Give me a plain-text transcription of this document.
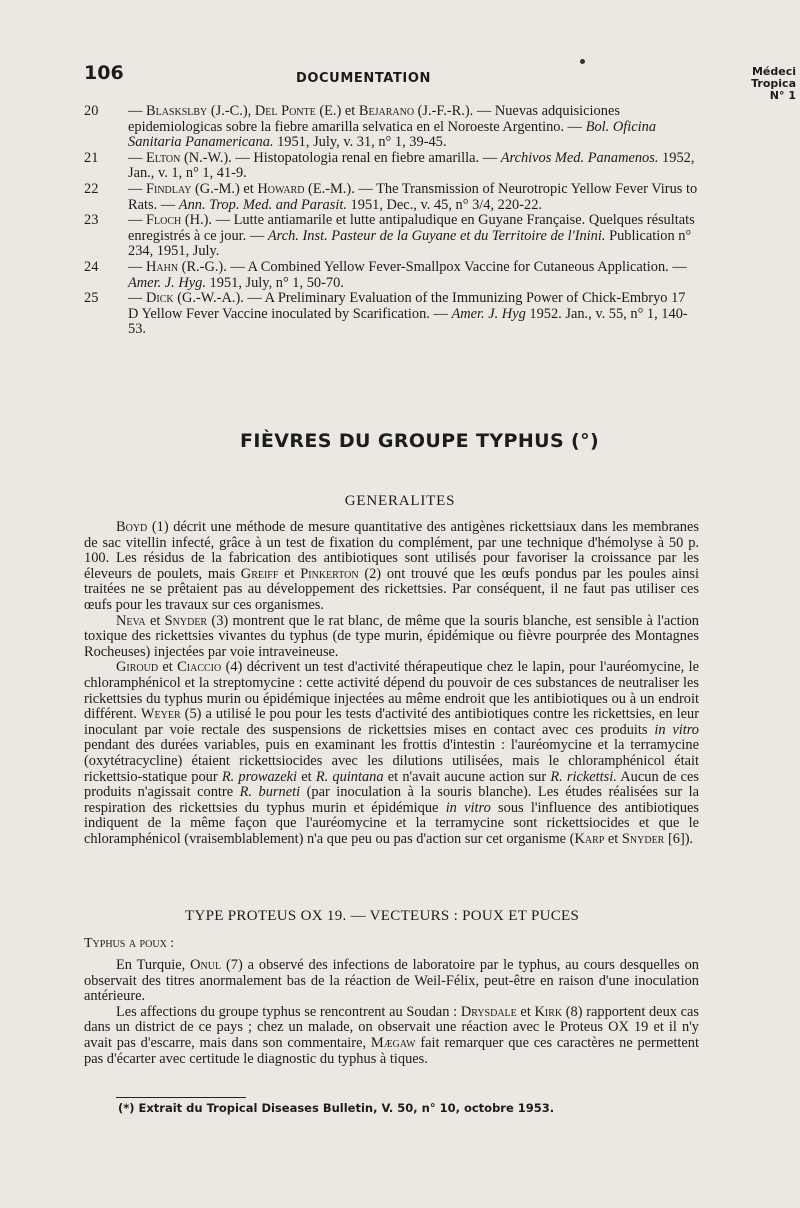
106	DOCUMENTATION	Médeci
Tropica
N° 1
20 — Blaskslby (J.-C.), Del Ponte (E.) et Bejarano (J.-F.-R.). — Nuevas adquisiciones epidemiologicas sobre la fiebre amarilla selvatica en el Noroeste Argentino. — Bol. Oficina Sanitaria Panamericana. 1951, July, v. 31, n° 1, 39-45.
21 — Elton (N.-W.). — Histopatologia renal en fiebre amarilla. — Archivos Med. Panamenos. 1952, Jan., v. 1, n° 1, 41-9.
22 — Findlay (G.-M.) et Howard (E.-M.). — The Transmission of Neurotropic Yellow Fever Virus to Rats. — Ann. Trop. Med. and Parasit. 1951, Dec., v. 45, n° 3/4, 220-22.
23 — Floch (H.). — Lutte antiamarile et lutte antipaludique en Guyane Française. Quelques résultats enregistrés à ce jour. — Arch. Inst. Pasteur de la Guyane et du Territoire de l'Inini. Publication n° 234, 1951, July.
24 — Hahn (R.-G.). — A Combined Yellow Fever-Smallpox Vaccine for Cutaneous Application. — Amer. J. Hyg. 1951, July, n° 1, 50-70.
25 — Dick (G.-W.-A.). — A Preliminary Evaluation of the Immunizing Power of Chick-Embryo 17 D Yellow Fever Vaccine inoculated by Scarification. — Amer. J. Hyg 1952. Jan., v. 55, n° 1, 140-53.
FIÈVRES DU GROUPE TYPHUS (°)
GENERALITES

Boyd (1) décrit une méthode de mesure quantitative des antigènes rickettsiaux dans les membranes de sac vitellin infecté, grâce à un test de fixation du complément, par une technique d'hémolyse à 50 p. 100. Les résidus de la fabrication des antibiotiques sont utilisés pour favoriser la croissance par les éleveurs de poulets, mais Greiff et Pinkerton (2) ont trouvé que les œufs pondus par les poules ainsi traitées ne se prêtaient pas au développement des rickettsies. Par conséquent, il ne faut pas utiliser ces œufs pour les travaux sur ces organismes.

Neva et Snyder (3) montrent que le rat blanc, de même que la souris blanche, est sensible à l'action toxique des rickettsies vivantes du typhus (de type murin, épidémique ou fièvre pourprée des Montagnes Rocheuses) injectées par voie intraveineuse.

Giroud et Ciaccio (4) décrivent un test d'activité thérapeutique chez le lapin, pour l'auréomycine, le chloramphénicol et la streptomycine : cette activité dépend du pouvoir de ces substances de neutraliser les rickettsies du typhus murin ou épidémique injectées au même endroit que les antibiotiques ou à un endroit différent. Weyer (5) a utilisé le pou pour les tests d'activité des antibiotiques contre les rickettsies, en leur inoculant par voie rectale des suspensions de rickettsies mises en contact avec ces produits in vitro pendant des durées variables, puis en examinant les frottis d'intestin : l'auréomycine et la terramycine (oxytétracycline) étaient rickettsiocides avec les dilutions utilisées, mais le chloramphénicol était rickettsio-statique pour R. prowazeki et R. quintana et n'avait aucune action sur R. rickettsi. Aucun de ces produits n'agissait contre R. burneti (par inoculation à la souris blanche). Les études réalisées sur la respiration des rickettsies du typhus murin et épidémique in vitro sous l'influence des antibiotiques indiquent de la même façon que l'auréomycine et la terramycine sont rickettsiocides et que le chloramphénicol (vraisemblablement) n'a que peu ou pas d'action sur cet organisme (Karp et Snyder [6]).

TYPE PROTEUS OX 19. — VECTEURS : POUX ET PUCES
Typhus a poux :

En Turquie, Onul (7) a observé des infections de laboratoire par le typhus, au cours desquelles on observait des titres anormalement bas de la réaction de Weil-Félix, peut-être en raison d'une inoculation antérieure.

Les affections du groupe typhus se rencontrent au Soudan : Drysdale et Kirk (8) rapportent deux cas dans un district de ce pays ; chez un malade, on observait une réaction avec le Proteus OX 19 et il n'y avait pas d'escarre, mais dans son commentaire, Mægaw fait remarquer que ces caractères ne permettent pas d'écarter avec certitude le diagnostic du typhus à tiques.

(*) Extrait du Tropical Diseases Bulletin, V. 50, n° 10, octobre 1953.
